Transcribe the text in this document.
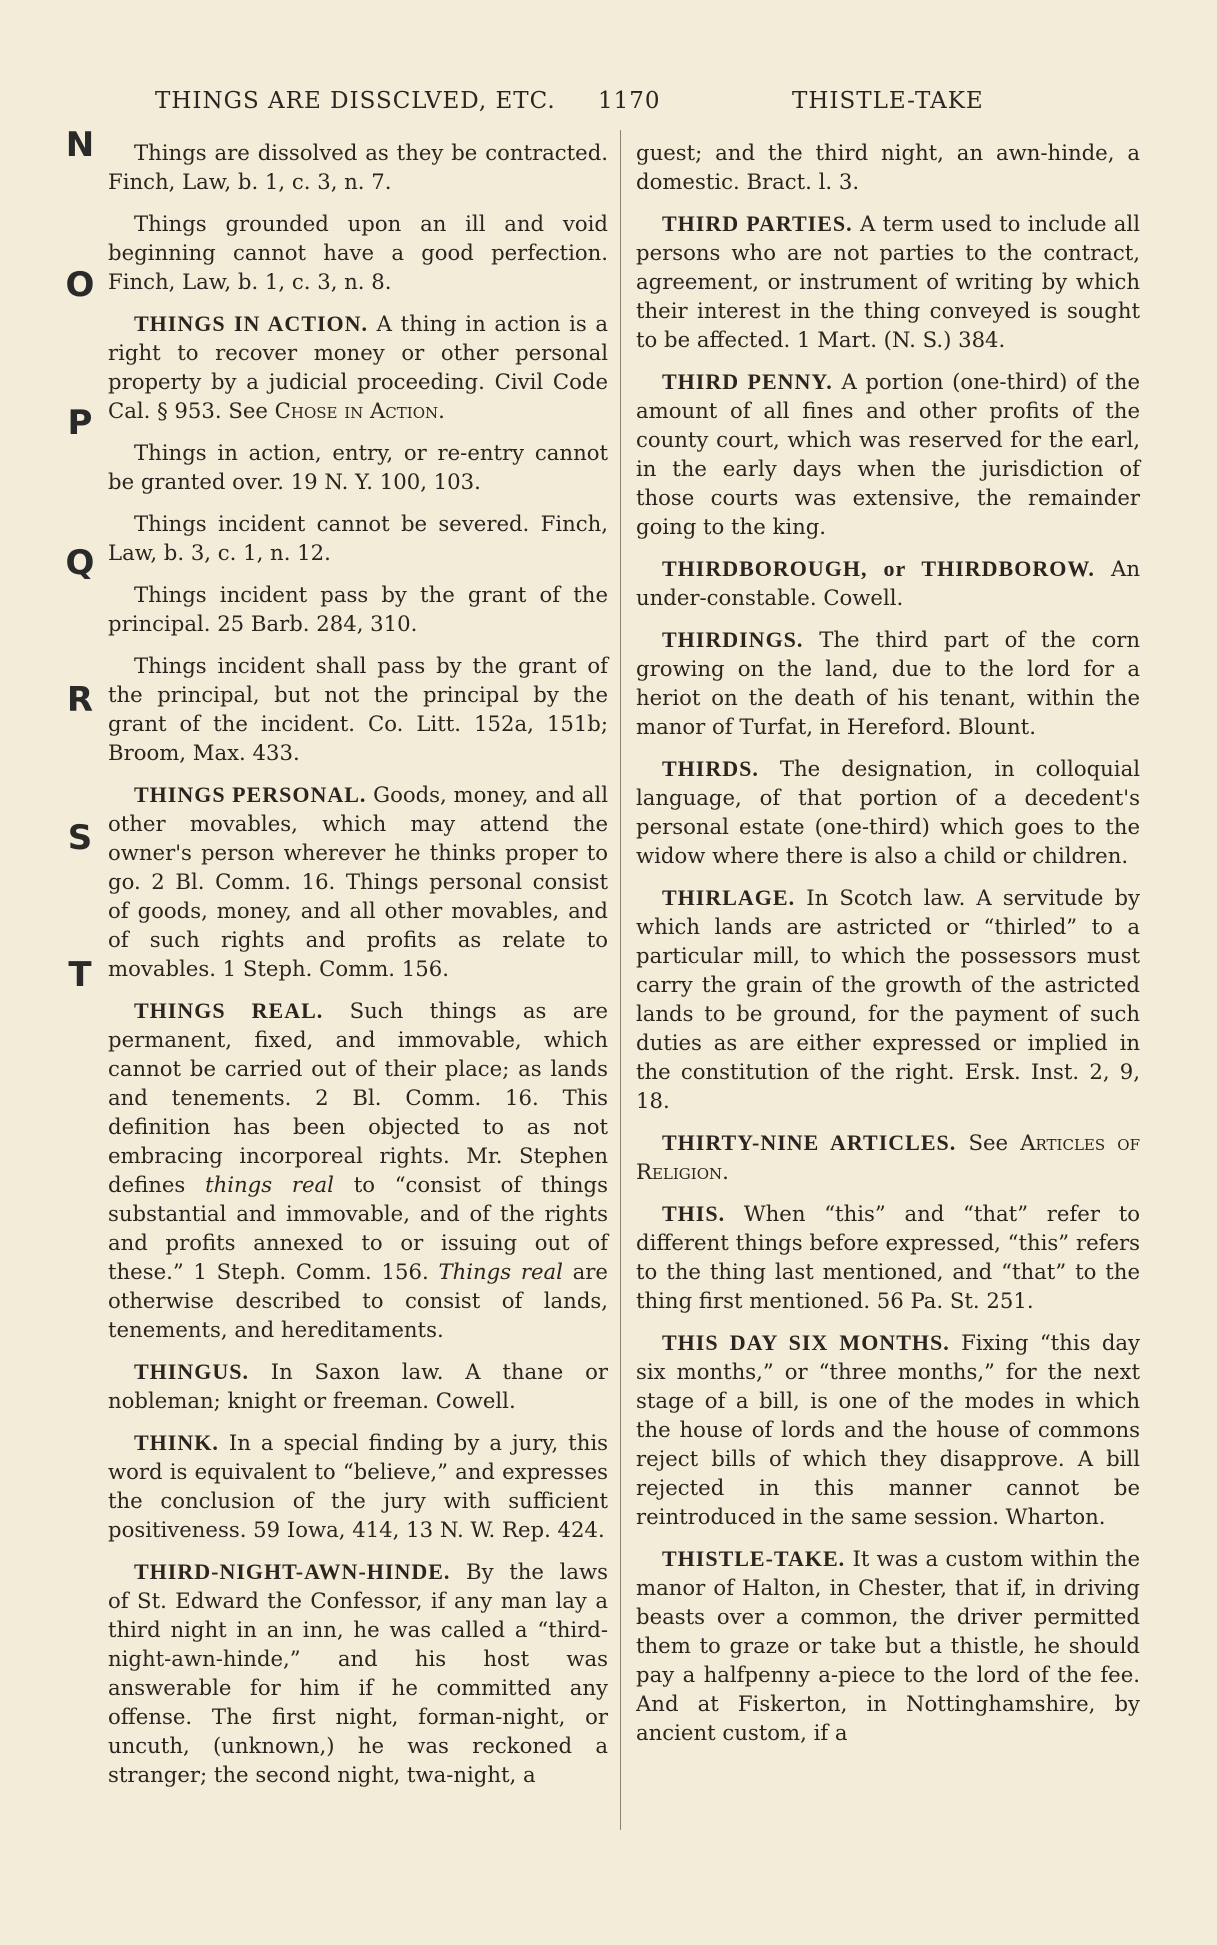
THINGS ARE DISSCLVED, ETC. 1170	THISTLE-TAKE
N
O
P
Q
R
S
T

Things are dissolved as they be contracted. Finch, Law, b. 1, c. 3, n. 7.

Things grounded upon an ill and void beginning cannot have a good perfection. Finch, Law, b. 1, c. 3, n. 8.

THINGS IN ACTION. A thing in action is a right to recover money or other personal property by a judicial proceeding. Civil Code Cal. § 953. See Chose in Action.

Things in action, entry, or re-entry cannot be granted over. 19 N. Y. 100, 103.

Things incident cannot be severed. Finch, Law, b. 3, c. 1, n. 12.

Things incident pass by the grant of the principal. 25 Barb. 284, 310.

Things incident shall pass by the grant of the principal, but not the principal by the grant of the incident. Co. Litt. 152a, 151b; Broom, Max. 433.

THINGS PERSONAL. Goods, money, and all other movables, which may attend the owner's person wherever he thinks proper to go. 2 Bl. Comm. 16. Things personal consist of goods, money, and all other movables, and of such rights and profits as relate to movables. 1 Steph. Comm. 156.

THINGS REAL. Such things as are permanent, fixed, and immovable, which cannot be carried out of their place; as lands and tenements. 2 Bl. Comm. 16. This definition has been objected to as not embracing incorporeal rights. Mr. Stephen defines things real to “consist of things substantial and immovable, and of the rights and profits annexed to or issuing out of these.” 1 Steph. Comm. 156. Things real are otherwise described to consist of lands, tenements, and hereditaments.

THINGUS. In Saxon law. A thane or nobleman; knight or freeman. Cowell.

THINK. In a special finding by a jury, this word is equivalent to “believe,” and expresses the conclusion of the jury with sufficient positiveness. 59 Iowa, 414, 13 N. W. Rep. 424.

THIRD-NIGHT-AWN-HINDE. By the laws of St. Edward the Confessor, if any man lay a third night in an inn, he was called a “third-night-awn-hinde,” and his host was answerable for him if he committed any offense. The first night, forman-night, or uncuth, (unknown,) he was reckoned a stranger; the second night, twa-night, a

guest; and the third night, an awn-hinde, a domestic. Bract. l. 3.

THIRD PARTIES. A term used to include all persons who are not parties to the contract, agreement, or instrument of writing by which their interest in the thing conveyed is sought to be affected. 1 Mart. (N. S.) 384.

THIRD PENNY. A portion (one-third) of the amount of all fines and other profits of the county court, which was reserved for the earl, in the early days when the jurisdiction of those courts was extensive, the remainder going to the king.

THIRDBOROUGH, or THIRDBOROW. An under-constable. Cowell.

THIRDINGS. The third part of the corn growing on the land, due to the lord for a heriot on the death of his tenant, within the manor of Turfat, in Hereford. Blount.

THIRDS. The designation, in colloquial language, of that portion of a decedent's personal estate (one-third) which goes to the widow where there is also a child or children.

THIRLAGE. In Scotch law. A servitude by which lands are astricted or “thirled” to a particular mill, to which the possessors must carry the grain of the growth of the astricted lands to be ground, for the payment of such duties as are either expressed or implied in the constitution of the right. Ersk. Inst. 2, 9, 18.

THIRTY-NINE ARTICLES. See Articles of Religion.

THIS. When “this” and “that” refer to different things before expressed, “this” refers to the thing last mentioned, and “that” to the thing first mentioned. 56 Pa. St. 251.

THIS DAY SIX MONTHS. Fixing “this day six months,” or “three months,” for the next stage of a bill, is one of the modes in which the house of lords and the house of commons reject bills of which they disapprove. A bill rejected in this manner cannot be reintroduced in the same session. Wharton.

THISTLE-TAKE. It was a custom within the manor of Halton, in Chester, that if, in driving beasts over a common, the driver permitted them to graze or take but a thistle, he should pay a halfpenny a-piece to the lord of the fee. And at Fiskerton, in Nottinghamshire, by ancient custom, if a
